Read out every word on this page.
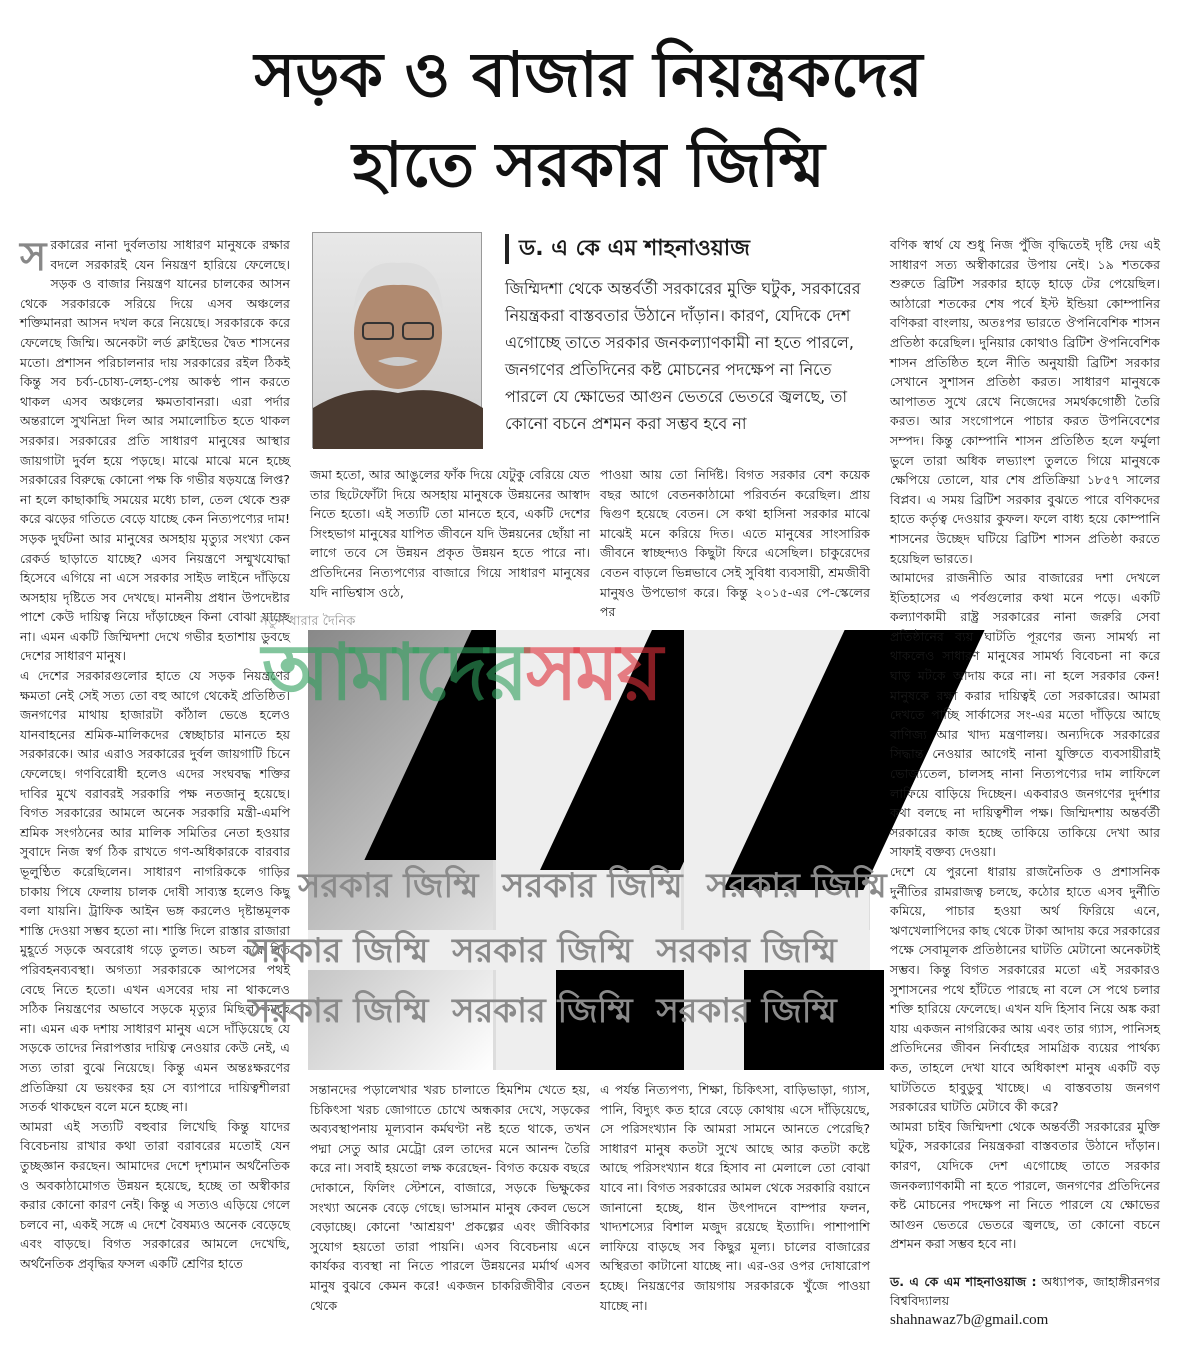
সড়ক ও বাজার নিয়ন্ত্রকদের
হাতে সরকার জিম্মি

সরকারের নানা দুর্বলতায় সাধারণ মানুষকে রক্ষার বদলে সরকারই যেন নিয়ন্ত্রণ হারিয়ে ফেলেছে। সড়ক ও বাজার নিয়ন্ত্রণ যানের চালকের আসন থেকে সরকারকে সরিয়ে দিয়ে এসব অঞ্চলের শক্তিমানরা আসন দখল করে নিয়েছে। সরকারকে করে ফেলেছে জিম্মি। অনেকটা লর্ড ক্লাইভের দ্বৈত শাসনের মতো। প্রশাসন পরিচালনার দায় সরকারের রইল ঠিকই কিন্তু সব চর্ব্য-চোষ্য-লেহ্য-পেয় আকণ্ঠ পান করতে থাকল এসব অঞ্চলের ক্ষমতাবানরা। এরা পর্দার অন্তরালে সুখনিদ্রা দিল আর সমালোচিত হতে থাকল সরকার। সরকারের প্রতি সাধারণ মানুষের আস্থার জায়গাটা দুর্বল হয়ে পড়ছে। মাঝে মাঝে মনে হচ্ছে সরকারের বিরুদ্ধে কোনো পক্ষ কি গভীর ষড়যন্ত্রে লিপ্ত? না হলে কাছাকাছি সময়ের মধ্যে চাল, তেল থেকে শুরু করে ঝড়ের গতিতে বেড়ে যাচ্ছে কেন নিত্যপণ্যের দাম! সড়ক দুর্ঘটনা আর মানুষের অসহায় মৃত্যুর সংখ্যা কেন রেকর্ড ছাড়াতে যাচ্ছে? এসব নিয়ন্ত্রণে সম্মুখযোদ্ধা হিসেবে এগিয়ে না এসে সরকার সাইড লাইনে দাঁড়িয়ে অসহায় দৃষ্টিতে সব দেখছে। মাননীয় প্রধান উপদেষ্টার পাশে কেউ দায়িত্ব নিয়ে দাঁড়াচ্ছেন কিনা বোঝা যাচ্ছে না। এমন একটি জিম্মিদশা দেখে গভীর হতাশায় ডুবছে দেশের সাধারণ মানুষ।

এ দেশের সরকারগুলোর হাতে যে সড়ক নিয়ন্ত্রণের ক্ষমতা নেই সেই সত্য তো বহু আগে থেকেই প্রতিষ্ঠিত। জনগণের মাথায় হাজারটা কাঁঠাল ভেঙে হলেও যানবাহনের শ্রমিক-মালিকদের স্বেচ্ছাচার মানতে হয় সরকারকে। আর এরাও সরকারের দুর্বল জায়গাটি চিনে ফেলেছে। গণবিরোধী হলেও এদের সংঘবদ্ধ শক্তির দাবির মুখে বরাবরই সরকারি পক্ষ নতজানু হয়েছে। বিগত সরকারের আমলে অনেক সরকারি মন্ত্রী-এমপি শ্রমিক সংগঠনের আর মালিক সমিতির নেতা হওয়ার সুবাদে নিজ স্বর্গ ঠিক রাখতে গণ-অধিকারকে বারবার ভূলুণ্ঠিত করেছিলেন। সাধারণ নাগরিককে গাড়ির চাকায় পিষে ফেলায় চালক দোষী সাব্যস্ত হলেও কিছু বলা যায়নি। ট্রাফিক আইন ভঙ্গ করলেও দৃষ্টান্তমূলক শাস্তি দেওয়া সম্ভব হতো না। শাস্তি দিলে রাস্তার রাজারা মুহূর্তে সড়কে অবরোধ গড়ে তুলত। অচল করে দিত পরিবহনব্যবস্থা। অগত্যা সরকারকে আপসের পথই বেছে নিতে হতো। এখন এসবের দায় না থাকলেও সঠিক নিয়ন্ত্রণের অভাবে সড়কে মৃত্যুর মিছিল কমছে না। এমন এক দশায় সাধারণ মানুষ এসে দাঁড়িয়েছে যে সড়কে তাদের নিরাপত্তার দায়িত্ব নেওয়ার কেউ নেই, এ সত্য তারা বুঝে নিয়েছে। কিন্তু এমন অন্তঃক্ষরণের প্রতিক্রিয়া যে ভয়ংকর হয় সে ব্যাপারে দায়িত্বশীলরা সতর্ক থাকছেন বলে মনে হচ্ছে না।

আমরা এই সত্যটি বহুবার লিখেছি কিন্তু যাদের বিবেচনায় রাখার কথা তারা বরাবরের মতোই যেন তুচ্ছজ্ঞান করছেন। আমাদের দেশে দৃশ্যমান অর্থনৈতিক ও অবকাঠামোগত উন্নয়ন হয়েছে, হচ্ছে তা অস্বীকার করার কোনো কারণ নেই। কিন্তু এ সত্যও এড়িয়ে গেলে চলবে না, একই সঙ্গে এ দেশে বৈষম্যও অনেক বেড়েছে এবং বাড়ছে। বিগত সরকারের আমলে দেখেছি, অর্থনৈতিক প্রবৃদ্ধির ফসল একটি শ্রেণির হাতে

ড. এ কে এম শাহনাওয়াজ
জিম্মিদশা থেকে অন্তর্বর্তী সরকারের মুক্তি ঘটুক, সরকারের নিয়ন্ত্রকরা বাস্তবতার উঠানে দাঁড়ান। কারণ, যেদিকে দেশ এগোচ্ছে তাতে সরকার জনকল্যাণকামী না হতে পারলে, জনগণের প্রতিদিনের কষ্ট মোচনের পদক্ষেপ না নিতে পারলে যে ক্ষোভের আগুন ভেতরে ভেতরে জ্বলছে, তা কোনো বচনে প্রশমন করা সম্ভব হবে না
জমা হতো, আর আঙুলের ফাঁক দিয়ে যেটুকু বেরিয়ে যেত তার ছিটেফোঁটা দিয়ে অসহায় মানুষকে উন্নয়নের আস্বাদ নিতে হতো। এই সত্যটি তো মানতে হবে, একটি দেশের সিংহভাগ মানুষের যাপিত জীবনে যদি উন্নয়নের ছোঁয়া না লাগে তবে সে উন্নয়ন প্রকৃত উন্নয়ন হতে পারে না। প্রতিদিনের নিত্যপণ্যের বাজারে গিয়ে সাধারণ মানুষের যদি নাভিশ্বাস ওঠে,
পাওয়া আয় তো নির্দিষ্ট। বিগত সরকার বেশ কয়েক বছর আগে বেতনকাঠামো পরিবর্তন করেছিল। প্রায় দ্বিগুণ হয়েছে বেতন। সে কথা হাসিনা সরকার মাঝে মাঝেই মনে করিয়ে দিত। এতে মানুষের সাংসারিক জীবনে স্বাচ্ছন্দ্যও কিছুটা ফিরে এসেছিল। চাকুরেদের বেতন বাড়লে ভিন্নভাবে সেই সুবিধা ব্যবসায়ী, শ্রমজীবী মানুষও উপভোগ করে। কিন্তু ২০১৫-এর পে-স্কেলের পর
সরকার জিম্মি সরকার জিম্মি সরকার জিম্মি
সরকার জিম্মি সরকার জিম্মি সরকার জিম্মি
সরকার জিম্মি সরকার জিম্মি সরকার জিম্মি
নতুন ধারার দৈনিক
আমাদেরসময়
সন্তানদের পড়ালেখার খরচ চালাতে হিমশিম খেতে হয়, চিকিৎসা খরচ জোগাতে চোখে অন্ধকার দেখে, সড়কের অব্যবস্থাপনায় মূল্যবান কর্মঘণ্টা নষ্ট হতে থাকে, তখন পদ্মা সেতু আর মেট্রো রেল তাদের মনে আনন্দ তৈরি করে না। সবাই হয়তো লক্ষ করেছেন- বিগত কয়েক বছরে দোকানে, ফিলিং স্টেশনে, বাজারে, সড়কে ভিক্ষুকের সংখ্যা অনেক বেড়ে গেছে। ভাসমান মানুষ কেবল ভেসে বেড়াচ্ছে। কোনো 'আশ্রয়ণ' প্রকল্পের এবং জীবিকার সুযোগ হয়তো তারা পায়নি। এসব বিবেচনায় এনে কার্যকর ব্যবস্থা না নিতে পারলে উন্নয়নের মর্মার্থ এসব মানুষ বুঝবে কেমন করে! একজন চাকরিজীবীর বেতন থেকে
এ পর্যন্ত নিত্যপণ্য, শিক্ষা, চিকিৎসা, বাড়িভাড়া, গ্যাস, পানি, বিদ্যুৎ কত হারে বেড়ে কোথায় এসে দাঁড়িয়েছে, সে পরিসংখ্যান কি আমরা সামনে আনতে পেরেছি? সাধারণ মানুষ কতটা সুখে আছে আর কতটা কষ্টে আছে পরিসংখ্যান ধরে হিসাব না মেলালে তো বোঝা যাবে না। বিগত সরকারের আমল থেকে সরকারি বয়ানে জানানো হচ্ছে, ধান উৎপাদনে বাম্পার ফলন, খাদ্যশস্যের বিশাল মজুদ রয়েছে ইত্যাদি। পাশাপাশি লাফিয়ে বাড়ছে সব কিছুর মূল্য। চালের বাজারের অস্থিরতা কাটানো যাচ্ছে না। এর-ওর ওপর দোষারোপ হচ্ছে। নিয়ন্ত্রণের জায়গায় সরকারকে খুঁজে পাওয়া যাচ্ছে না।

বণিক স্বার্থ যে শুধু নিজ পুঁজি বৃদ্ধিতেই দৃষ্টি দেয় এই সাধারণ সত্য অস্বীকারের উপায় নেই। ১৯ শতকের শুরুতে ব্রিটিশ সরকার হাড়ে হাড়ে টের পেয়েছিল। আঠারো শতকের শেষ পর্বে ইস্ট ইন্ডিয়া কোম্পানির বণিকরা বাংলায়, অতঃপর ভারতে ঔপনিবেশিক শাসন প্রতিষ্ঠা করেছিল। দুনিয়ার কোথাও ব্রিটিশ ঔপনিবেশিক শাসন প্রতিষ্ঠিত হলে নীতি অনুযায়ী ব্রিটিশ সরকার সেখানে সুশাসন প্রতিষ্ঠা করত। সাধারণ মানুষকে আপাতত সুখে রেখে নিজেদের সমর্থকগোষ্ঠী তৈরি করত। আর সংগোপনে পাচার করত উপনিবেশের সম্পদ। কিন্তু কোম্পানি শাসন প্রতিষ্ঠিত হলে ফর্মুলা ভুলে তারা অধিক লভ্যাংশ তুলতে গিয়ে মানুষকে ক্ষেপিয়ে তোলে, যার শেষ প্রতিক্রিয়া ১৮৫৭ সালের বিপ্লব। এ সময় ব্রিটিশ সরকার বুঝতে পারে বণিকদের হাতে কর্তৃত্ব দেওয়ার কুফল। ফলে বাধ্য হয়ে কোম্পানি শাসনের উচ্ছেদ ঘটিয়ে ব্রিটিশ শাসন প্রতিষ্ঠা করতে হয়েছিল ভারতে।

আমাদের রাজনীতি আর বাজারের দশা দেখলে ইতিহাসের এ পর্বগুলোর কথা মনে পড়ে। একটি কল্যাণকামী রাষ্ট্র সরকারের নানা জরুরি সেবা প্রতিষ্ঠানের ব্যয় ঘাটতি পূরণের জন্য সামর্থ্য না থাকলেও সাধারণ মানুষের সামর্থ্য বিবেচনা না করে ঘাড় মটকে আদায় করে না। না হলে সরকার কেন! মানুষকে রক্ষা করার দায়িত্বই তো সরকারের। আমরা দেখতে পাচ্ছি সার্কাসের সং-এর মতো দাঁড়িয়ে আছে বাণিজ্য আর খাদ্য মন্ত্রণালয়। অন্যদিকে সরকারের সিদ্ধান্ত নেওয়ার আগেই নানা যুক্তিতে ব্যবসায়ীরাই ভোজ্যতেল, চালসহ নানা নিত্যপণ্যের দাম লাফিলে লাফিয়ে বাড়িয়ে দিচ্ছেন। একবারও জনগণের দুর্দশার কথা বলছে না দায়িত্বশীল পক্ষ। জিম্মিদশায় অন্তর্বর্তী সরকারের কাজ হচ্ছে তাকিয়ে তাকিয়ে দেখা আর সাফাই বক্তব্য দেওয়া।

দেশে যে পুরনো ধারায় রাজনৈতিক ও প্রশাসনিক দুর্নীতির রামরাজত্ব চলছে, কঠোর হাতে এসব দুর্নীতি কমিয়ে, পাচার হওয়া অর্থ ফিরিয়ে এনে, ঋণখেলাপিদের কাছ থেকে টাকা আদায় করে সরকারের পক্ষে সেবামূলক প্রতিষ্ঠানের ঘাটতি মেটানো অনেকটাই সম্ভব। কিন্তু বিগত সরকারের মতো এই সরকারও সুশাসনের পথে হাঁটতে পারছে না বলে সে পথে চলার শক্তি হারিয়ে ফেলেছে। এখন যদি হিসাব নিয়ে অঙ্ক করা যায় একজন নাগরিকের আয় এবং তার গ্যাস, পানিসহ প্রতিদিনের জীবন নির্বাহের সামগ্রিক ব্যয়ের পার্থক্য কত, তাহলে দেখা যাবে অধিকাংশ মানুষ একটি বড় ঘাটতিতে হাবুডুবু খাচ্ছে। এ বাস্তবতায় জনগণ সরকারের ঘাটতি মেটাবে কী করে?

আমরা চাইব জিম্মিদশা থেকে অন্তর্বর্তী সরকারের মুক্তি ঘটুক, সরকারের নিয়ন্ত্রকরা বাস্তবতার উঠানে দাঁড়ান। কারণ, যেদিকে দেশ এগোচ্ছে তাতে সরকার জনকল্যাণকামী না হতে পারলে, জনগণের প্রতিদিনের কষ্ট মোচনের পদক্ষেপ না নিতে পারলে যে ক্ষোভের আগুন ভেতরে ভেতরে জ্বলছে, তা কোনো বচনে প্রশমন করা সম্ভব হবে না।

ড. এ কে এম শাহনাওয়াজ : অধ্যাপক, জাহাঙ্গীরনগর বিশ্ববিদ্যালয়

shahnawaz7b@gmail.com
